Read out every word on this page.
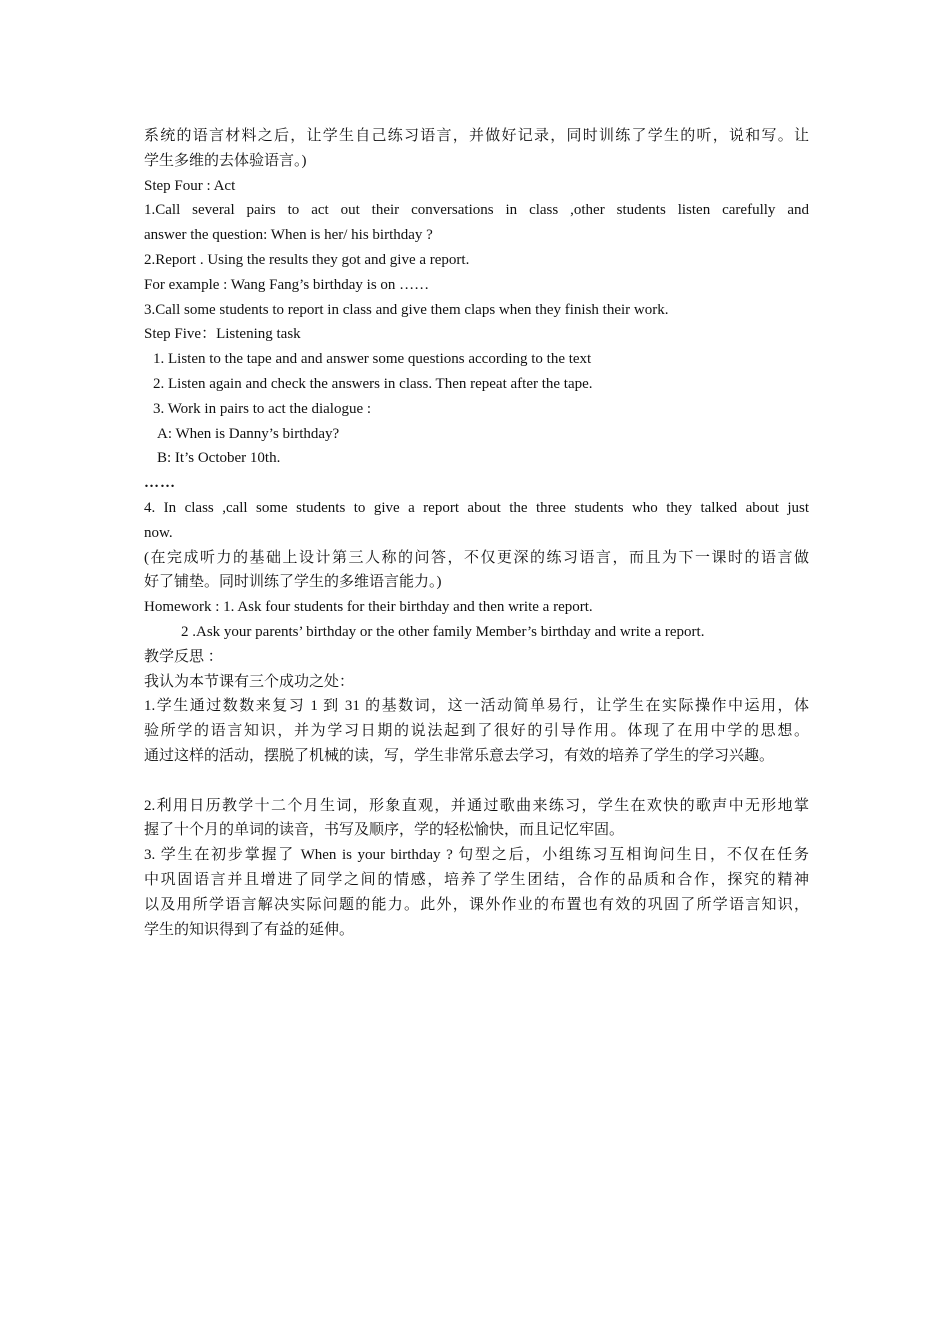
系统的语言材料之后，让学生自己练习语言，并做好记录，同时训练了学生的听，说和写。让
学生多维的去体验语言。)
Step Four : Act
1.Call several pairs to act out their conversations in class ,other students listen carefully and
answer the question: When is her/ his birthday ?
2.Report . Using the results they got and give a report.
For example : Wang Fang’s birthday is on ……
3.Call some students to report in class and give them claps when they finish their work.
Step Five：Listening task
1. Listen to the tape and and answer some questions according to the text
2. Listen again and check the answers in class. Then repeat after the tape.
3. Work in pairs to act the dialogue :
A: When is Danny’s birthday?
B: It’s October 10th.
……
4. In class ,call some students to give a report about the three students who they talked about just
now.
(在完成听力的基础上设计第三人称的问答，不仅更深的练习语言，而且为下一课时的语言做
好了铺垫。同时训练了学生的多维语言能力。)
Homework : 1. Ask four students for their birthday and then write a report.
2 .Ask your parents’ birthday or the other family Member’s birthday and write a report.
教学反思 ：
我认为本节课有三个成功之处：
1.学生通过数数来复习 1 到 31 的基数词，这一活动简单易行，让学生在实际操作中运用，体
验所学的语言知识，并为学习日期的说法起到了很好的引导作用。体现了在用中学的思想。
通过这样的活动，摆脱了机械的读，写，学生非常乐意去学习，有效的培养了学生的学习兴趣。
2.利用日历教学十二个月生词，形象直观，并通过歌曲来练习，学生在欢快的歌声中无形地掌
握了十个月的单词的读音，书写及顺序，学的轻松愉快，而且记忆牢固。
3. 学生在初步掌握了 When is your birthday ? 句型之后，小组练习互相询问生日，不仅在任务
中巩固语言并且增进了同学之间的情感，培养了学生团结，合作的品质和合作，探究的精神
以及用所学语言解决实际问题的能力。此外，课外作业的布置也有效的巩固了所学语言知识，
学生的知识得到了有益的延伸。
